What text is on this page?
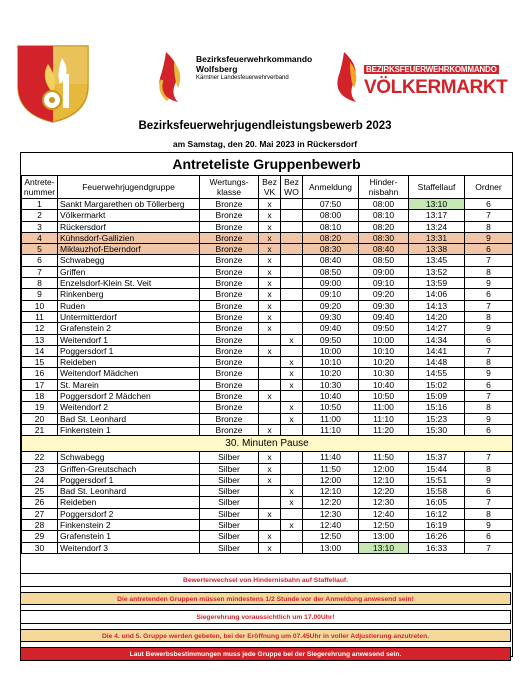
Bezirksfeuerwehrkommando
Wolfsberg
Kärntner Landesfeuerwehrverband
BEZIRKSFEUERWEHRKOMMANDO
VÖLKERMARKT
Bezirksfeuerwehrjugendleistungsbewerb 2023
am Samstag, den 20. Mai 2023 in Rückersdorf
Antreteliste Gruppenbewerb
Antrete-nummer	Feuerwehrjugendgruppe	Wertungs-klasse	Bez VK	Bez WO	Anmeldung	Hinder-nisbahn	Staffellauf	Ordner
1	Sankt Margarethen ob Töllerberg	Bronze	x		07:50	08:00	13:10	6
2	Völkermarkt	Bronze	x		08:00	08:10	13:17	7
3	Rückersdorf	Bronze	x		08:10	08:20	13:24	8
4	Kühnsdorf-Gallizien	Bronze	x		08:20	08:30	13:31	9
5	Miklauzhof-Eberndorf	Bronze	x		08:30	08:40	13:38	6
6	Schwabegg	Bronze	x		08:40	08:50	13:45	7
7	Griffen	Bronze	x		08:50	09:00	13:52	8
8	Enzelsdorf-Klein St. Veit	Bronze	x		09:00	09:10	13:59	9
9	Rinkenberg	Bronze	x		09:10	09:20	14:06	6
10	Ruden	Bronze	x		09:20	09:30	14:13	7
11	Untermitterdorf	Bronze	x		09:30	09:40	14:20	8
12	Grafenstein 2	Bronze	x		09:40	09:50	14:27	9
13	Weitendorf 1	Bronze		x	09:50	10:00	14:34	6
14	Poggersdorf 1	Bronze	x		10:00	10:10	14:41	7
15	Reideben	Bronze		x	10:10	10:20	14:48	8
16	Weitendorf Mädchen	Bronze		x	10:20	10:30	14:55	9
17	St. Marein	Bronze		x	10:30	10:40	15:02	6
18	Poggersdorf 2 Mädchen	Bronze	x		10:40	10:50	15:09	7
19	Weitendorf 2	Bronze		x	10:50	11:00	15:16	8
20	Bad St. Leonhard	Bronze		x	11:00	11:10	15:23	9
21	Finkenstein 1	Bronze	x		11:10	11:20	15:30	6
30. Minuten Pause								
22	Schwabegg	Silber	x		11:40	11:50	15:37	7
23	Griffen-Greutschach	Silber	x		11:50	12:00	15:44	8
24	Poggersdorf 1	Silber	x		12:00	12:10	15:51	9
25	Bad St. Leonhard	Silber		x	12:10	12:20	15:58	6
26	Reideben	Silber		x	12:20	12:30	16:05	7
27	Poggersdorf 2	Silber	x		12:30	12:40	16:12	8
28	Finkenstein 2	Silber		x	12:40	12:50	16:19	9
29	Grafenstein 1	Silber	x		12:50	13:00	16:26	6
30	Weitendorf 3	Silber	x		13:00	13:10	16:33	7
Bewerterwechsel von Hindernisbahn auf Staffellauf.
Die antretenden Gruppen müssen mindestens 1/2 Stunde vor der Anmeldung anwesend sein!
Siegerehrung voraussichtlich um 17.00Uhr!
Die 4. und 5. Gruppe werden gebeten, bei der Eröffnung um 07.45Uhr in voller Adjustierung anzutreten.
Laut Bewerbsbestimmungen muss jede Gruppe bei der Siegerehrung anwesend sein.
